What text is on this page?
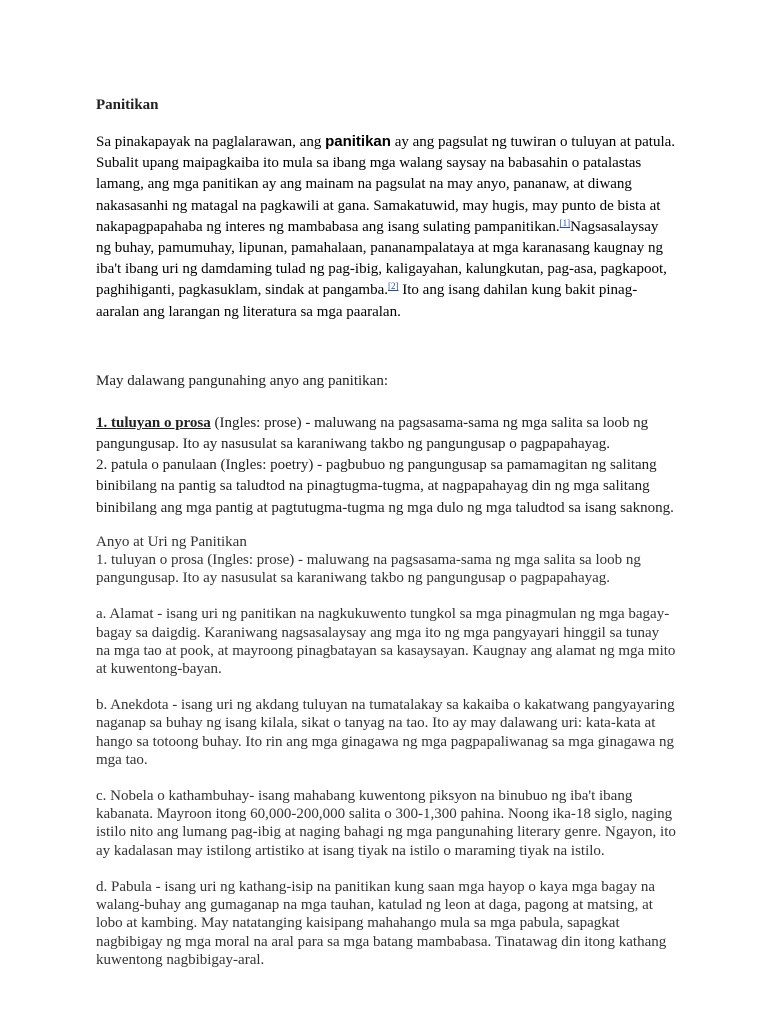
Panitikan

Sa pinakapayak na paglalarawan, ang panitikan ay ang pagsulat ng tuwiran o tuluyan at patula. Subalit upang maipagkaiba ito mula sa ibang mga walang saysay na babasahin o patalastas lamang, ang mga panitikan ay ang mainam na pagsulat na may anyo, pananaw, at diwang nakasasanhi ng matagal na pagkawili at gana. Samakatuwid, may hugis, may punto de bista at nakapagpapahaba ng interes ng mambabasa ang isang sulating pampanitikan.[1]Nagsasalaysay ng buhay, pamumuhay, lipunan, pamahalaan, pananampalataya at mga karanasang kaugnay ng iba't ibang uri ng damdaming tulad ng pag-ibig, kaligayahan, kalungkutan, pag-asa, pagkapoot, paghihiganti, pagkasuklam, sindak at pangamba.[2] Ito ang isang dahilan kung bakit pinag-aaralan ang larangan ng literatura sa mga paaralan.

May dalawang pangunahing anyo ang panitikan:

1. tuluyan o prosa (Ingles: prose) - maluwang na pagsasama-sama ng mga salita sa loob ng pangungusap. Ito ay nasusulat sa karaniwang takbo ng pangungusap o pagpapahayag.
2. patula o panulaan (Ingles: poetry) - pagbubuo ng pangungusap sa pamamagitan ng salitang binibilang na pantig sa taludtod na pinagtugma-tugma, at nagpapahayag din ng mga salitang binibilang ang mga pantig at pagtutugma-tugma ng mga dulo ng mga taludtod sa isang saknong.

Anyo at Uri ng Panitikan

1. tuluyan o prosa (Ingles: prose) - maluwang na pagsasama-sama ng mga salita sa loob ng pangungusap. Ito ay nasusulat sa karaniwang takbo ng pangungusap o pagpapahayag.

a. Alamat - isang uri ng panitikan na nagkukuwento tungkol sa mga pinagmulan ng mga bagay-bagay sa daigdig. Karaniwang nagsasalaysay ang mga ito ng mga pangyayari hinggil sa tunay na mga tao at pook, at mayroong pinagbatayan sa kasaysayan. Kaugnay ang alamat ng mga mito at kuwentong-bayan.

b. Anekdota - isang uri ng akdang tuluyan na tumatalakay sa kakaiba o kakatwang pangyayaring naganap sa buhay ng isang kilala, sikat o tanyag na tao. Ito ay may dalawang uri: kata-kata at hango sa totoong buhay. Ito rin ang mga ginagawa ng mga pagpapaliwanag sa mga ginagawa ng mga tao.

c. Nobela o kathambuhay- isang mahabang kuwentong piksyon na binubuo ng iba't ibang kabanata. Mayroon itong 60,000-200,000 salita o 300-1,300 pahina. Noong ika-18 siglo, naging istilo nito ang lumang pag-ibig at naging bahagi ng mga pangunahing literary genre. Ngayon, ito ay kadalasan may istilong artistiko at isang tiyak na istilo o maraming tiyak na istilo.

d. Pabula - isang uri ng kathang-isip na panitikan kung saan mga hayop o kaya mga bagay na walang-buhay ang gumaganap na mga tauhan, katulad ng leon at daga, pagong at matsing, at lobo at kambing. May natatanging kaisipang mahahango mula sa mga pabula, sapagkat nagbibigay ng mga moral na aral para sa mga batang mambabasa. Tinatawag din itong kathang kuwentong nagbibigay-aral.
